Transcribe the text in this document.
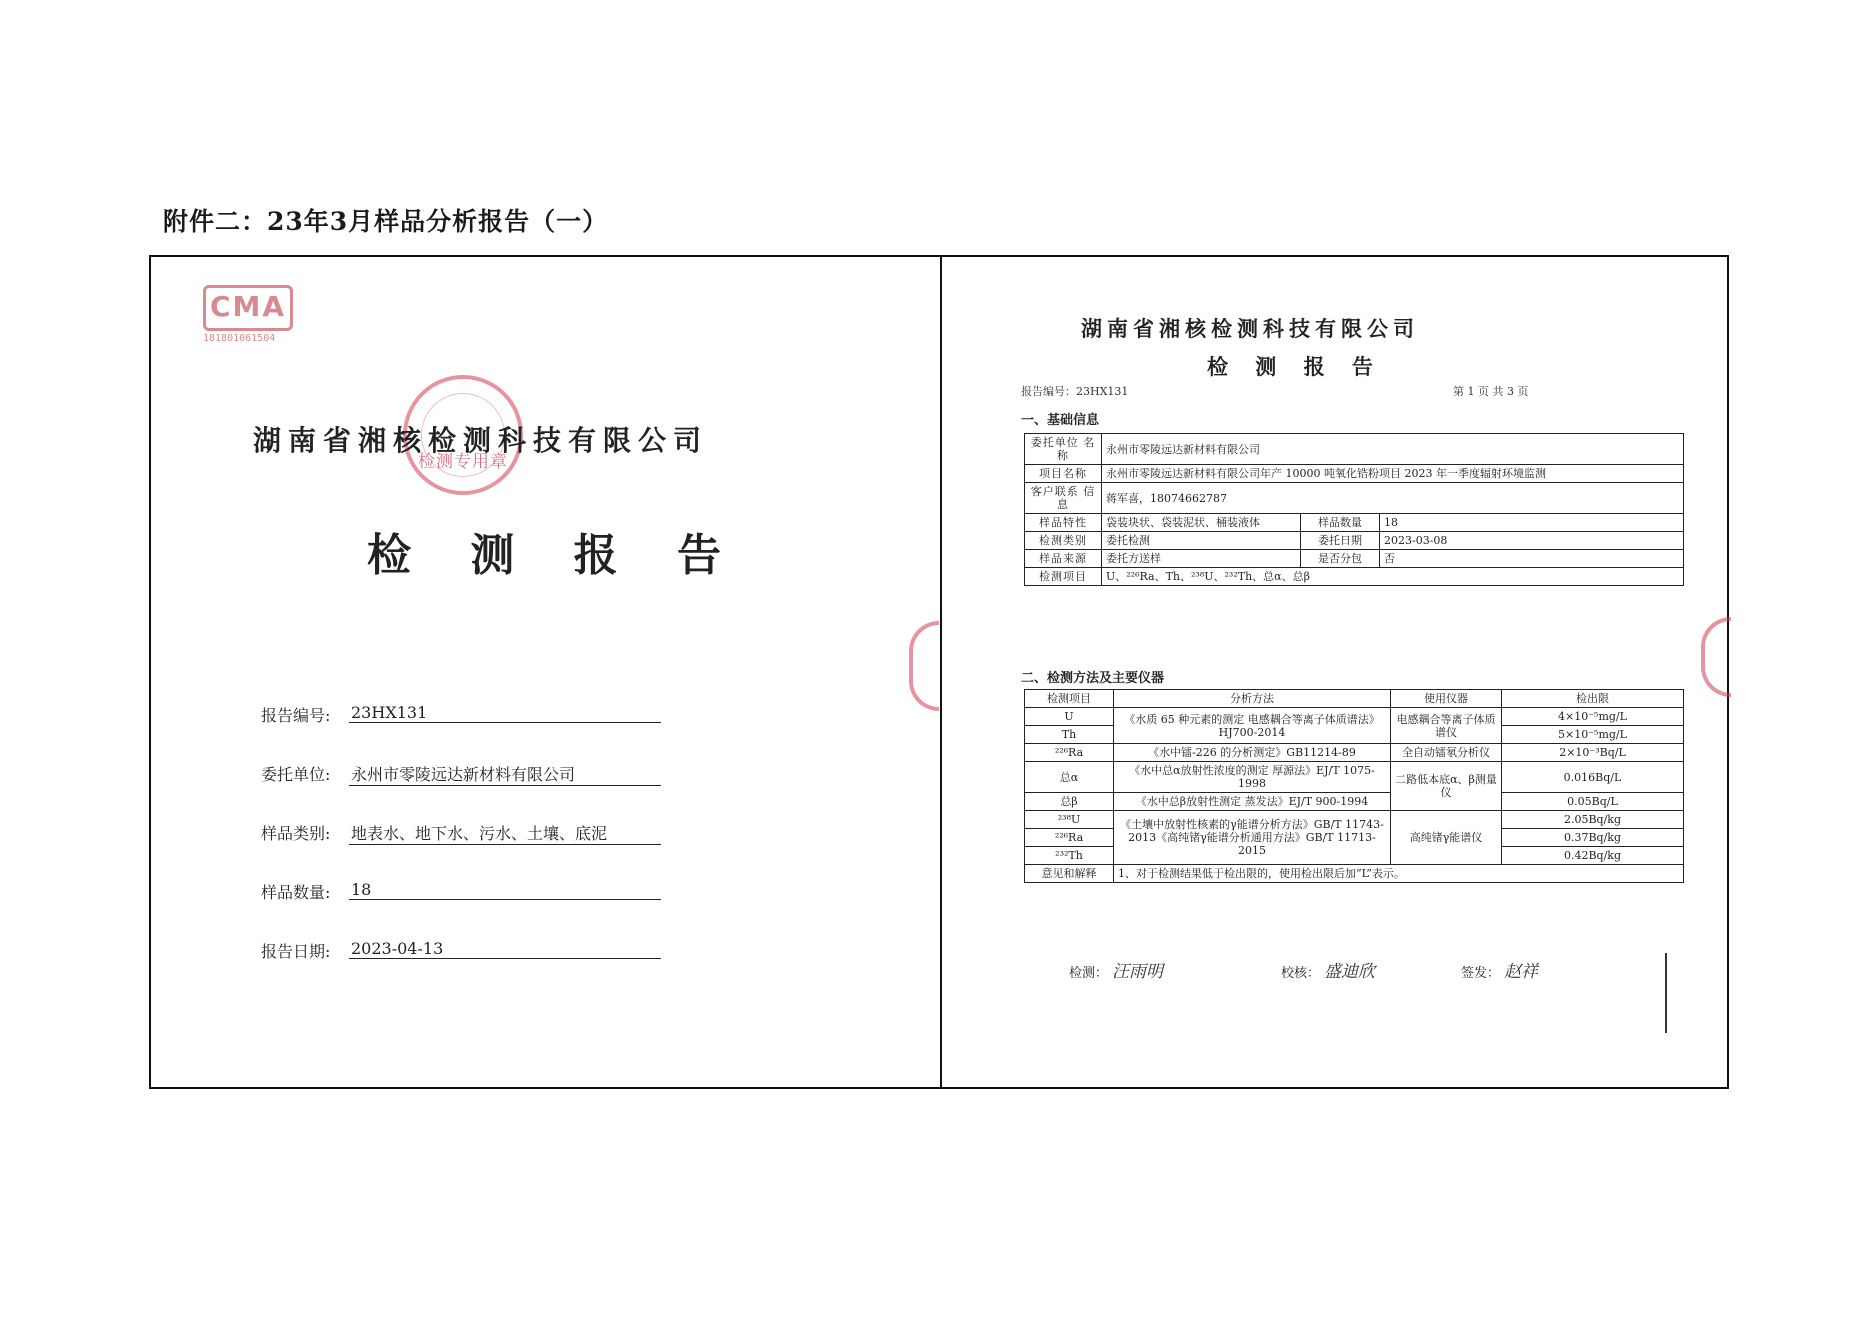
附件二：23年3月样品分析报告（一）
CMA
181801061504
检测专用章
湖南省湘核检测科技有限公司
检 测 报 告
报告编号: 23HX131
委托单位: 永州市零陵远达新材料有限公司
样品类别: 地表水、地下水、污水、土壤、底泥
样品数量: 18
报告日期: 2023-04-13
湖南省湘核检测科技有限公司
检 测 报 告
报告编号：23HX131	第 1 页 共 3 页
一、基础信息
委托单位 名　称	永州市零陵远达新材料有限公司		
项目名称	永州市零陵远达新材料有限公司年产 10000 吨氧化锆粉项目 2023 年一季度辐射环境监测		
客户联系 信　息	蒋军喜，18074662787		
样品特性	袋装块状、袋装泥状、桶装液体	样品数量	18
检测类别	委托检测	委托日期	2023-03-08
样品来源	委托方送样	是否分包	否
检测项目	U、²²⁶Ra、Th、²³⁸U、²³²Th、总α、总β		
二、检测方法及主要仪器
检测项目	分析方法	使用仪器	检出限
U	《水质 65 种元素的测定 电感耦合等离子体质谱法》HJ700-2014	电感耦合等离子体质谱仪	4×10⁻⁵mg/L
Th			5×10⁻⁵mg/L
²²⁶Ra	《水中镭-226 的分析测定》GB11214-89	全自动镭氡分析仪	2×10⁻³Bq/L
总α	《水中总α放射性浓度的测定 厚源法》EJ/T 1075-1998	二路低本底α、β测量仪	0.016Bq/L
总β	《水中总β放射性测定 蒸发法》EJ/T 900-1994		0.05Bq/L
²³⁸U	《土壤中放射性核素的γ能谱分析方法》GB/T 11743-2013《高纯锗γ能谱分析通用方法》GB/T 11713-2015	高纯锗γ能谱仪	2.05Bq/kg
²²⁶Ra			0.37Bq/kg
²³²Th			0.42Bq/kg
意见和解释	1、对于检测结果低于检出限的，使用检出限后加“L”表示。		
检测： 汪雨明	校核： 盛迪欣	签发： 赵祥
